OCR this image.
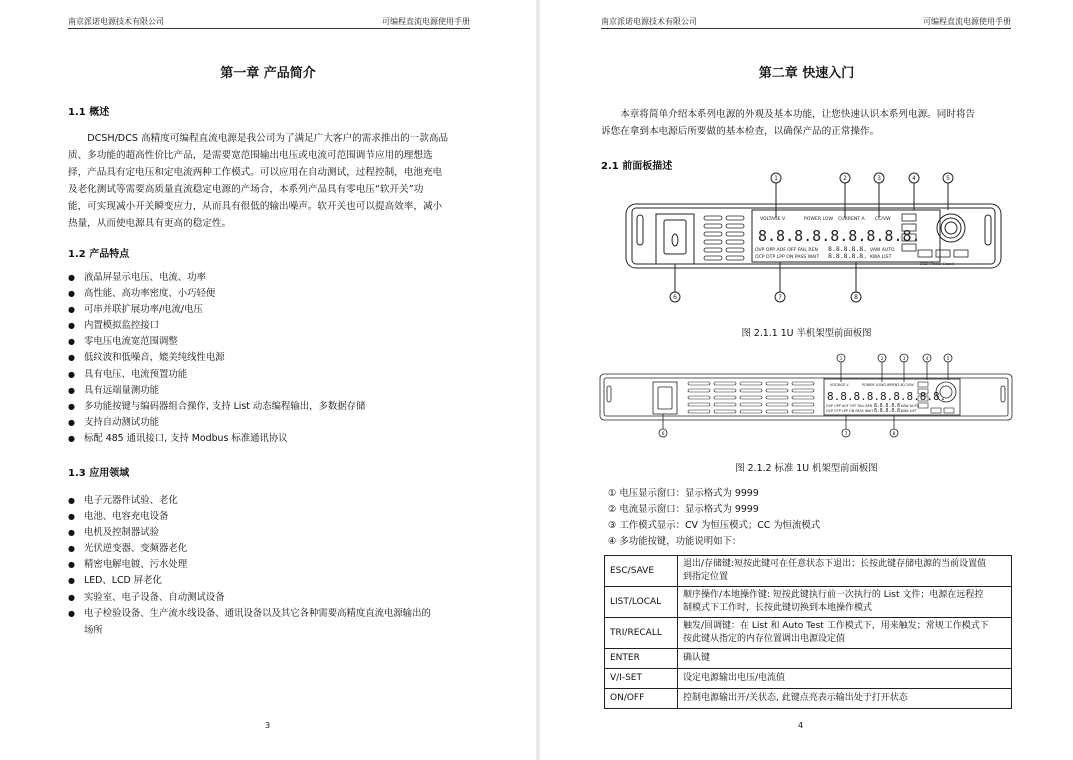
南京派诺电源技术有限公司	可编程直流电源使用手册
第一章 产品简介
1.1 概述
DCSH/DCS 高精度可编程直流电源是我公司为了满足广大客户的需求推出的一款高品
质、多功能的超高性价比产品，是需要宽范围输出电压或电流可范围调节应用的理想选
择，产品具有定电压和定电流两种工作模式。可以应用在自动测试，过程控制，电池充电
及老化测试等需要高质量直流稳定电源的产场合，本系列产品具有零电压“软开关”功
能，可实现减小开关瞬变应力，从而具有很低的输出噪声。软开关也可以提高效率，减小
热量，从而使电源具有更高的稳定性。
1.2 产品特点
● 液晶屏显示电压、电流、功率
● 高性能、高功率密度、小巧轻便
● 可串并联扩展功率/电流/电压
● 内置模拟监控接口
● 零电压电流宽范围调整
● 低纹波和低噪音，媲美纯线性电源
● 具有电压、电流预置功能
● 具有远端量测功能
● 多功能按键与编码器组合操作, 支持 List 动态编程输出，多数据存储
● 支持自动测试功能
● 标配 485 通讯接口, 支持 Modbus 标准通讯协议
1.3 应用领域
● 电子元器件试验、老化
● 电池、电容充电设备
● 电机及控制器试验
● 光伏逆变器、变频器老化
● 精密电解电镀、污水处理
● LED、LCD 屏老化
● 实验室、电子设备、自动测试设备
● 电子检验设备、生产流水线设备、通讯设备以及其它各种需要高精度直流电源输出的
场所
3
南京派诺电源技术有限公司	可编程直流电源使用手册
第二章 快速入门
本章将简单介绍本系列电源的外观及基本功能，让您快速认识本系列电源。同时将告
诉您在拿到本电源后所要做的基本检查，以确保产品的正常操作。
2.1 前面板描述
1	2	3	4	5
6	7	8
VOLTAGE V	POWER LOW CURRENT A CC/VW
8.8.8.8.8.8.8.8.8.
OVP OPP AOF OFF FAIL REN
OCP OTP LPP ON PASS WAIT
8.8.8.8.8.
8.8.8.8.8.
VAW AUTO
KWA LIST
DCSH Power Supply
图 2.1.1 1U 半机架型前面板图
VOLTAGE V	POWER LOW CURRENT A CC/VW
8.8.8.8.8.8.8.8.8.
OVP OPP AOF OFF FAIL REN
OCP OTP LPP ON PASS WAIT
8.8.8.8.8.
8.8.8.8.8.
VAW AUTO
KWA LIST
1	2	3	4	5
6	7	8
图 2.1.2 标准 1U 机架型前面板图
① 电压显示窗口：显示格式为 9999
② 电流显示窗口：显示格式为 9999
③ 工作模式显示：CV 为恒压模式；CC 为恒流模式
④ 多功能按键，功能说明如下：
ESC/SAVE	退出/存储键:短按此键可在任意状态下退出；长按此键存储电源的当前设置值
到指定位置

LIST/LOCAL	顺序操作/本地操作键: 短按此键执行前一次执行的 List 文件；电源在远程控
制模式下工作时，长按此键切换到本地操作模式

TRI/RECALL	触发/回调键：在 List 和 Auto Test 工作模式下，用来触发；常规工作模式下
按此键从指定的内存位置调出电源设定值

ENTER	确认键
V/I-SET	设定电源输出电压/电流值
ON/OFF	控制电源输出开/关状态, 此键点亮表示输出处于打开状态
4
